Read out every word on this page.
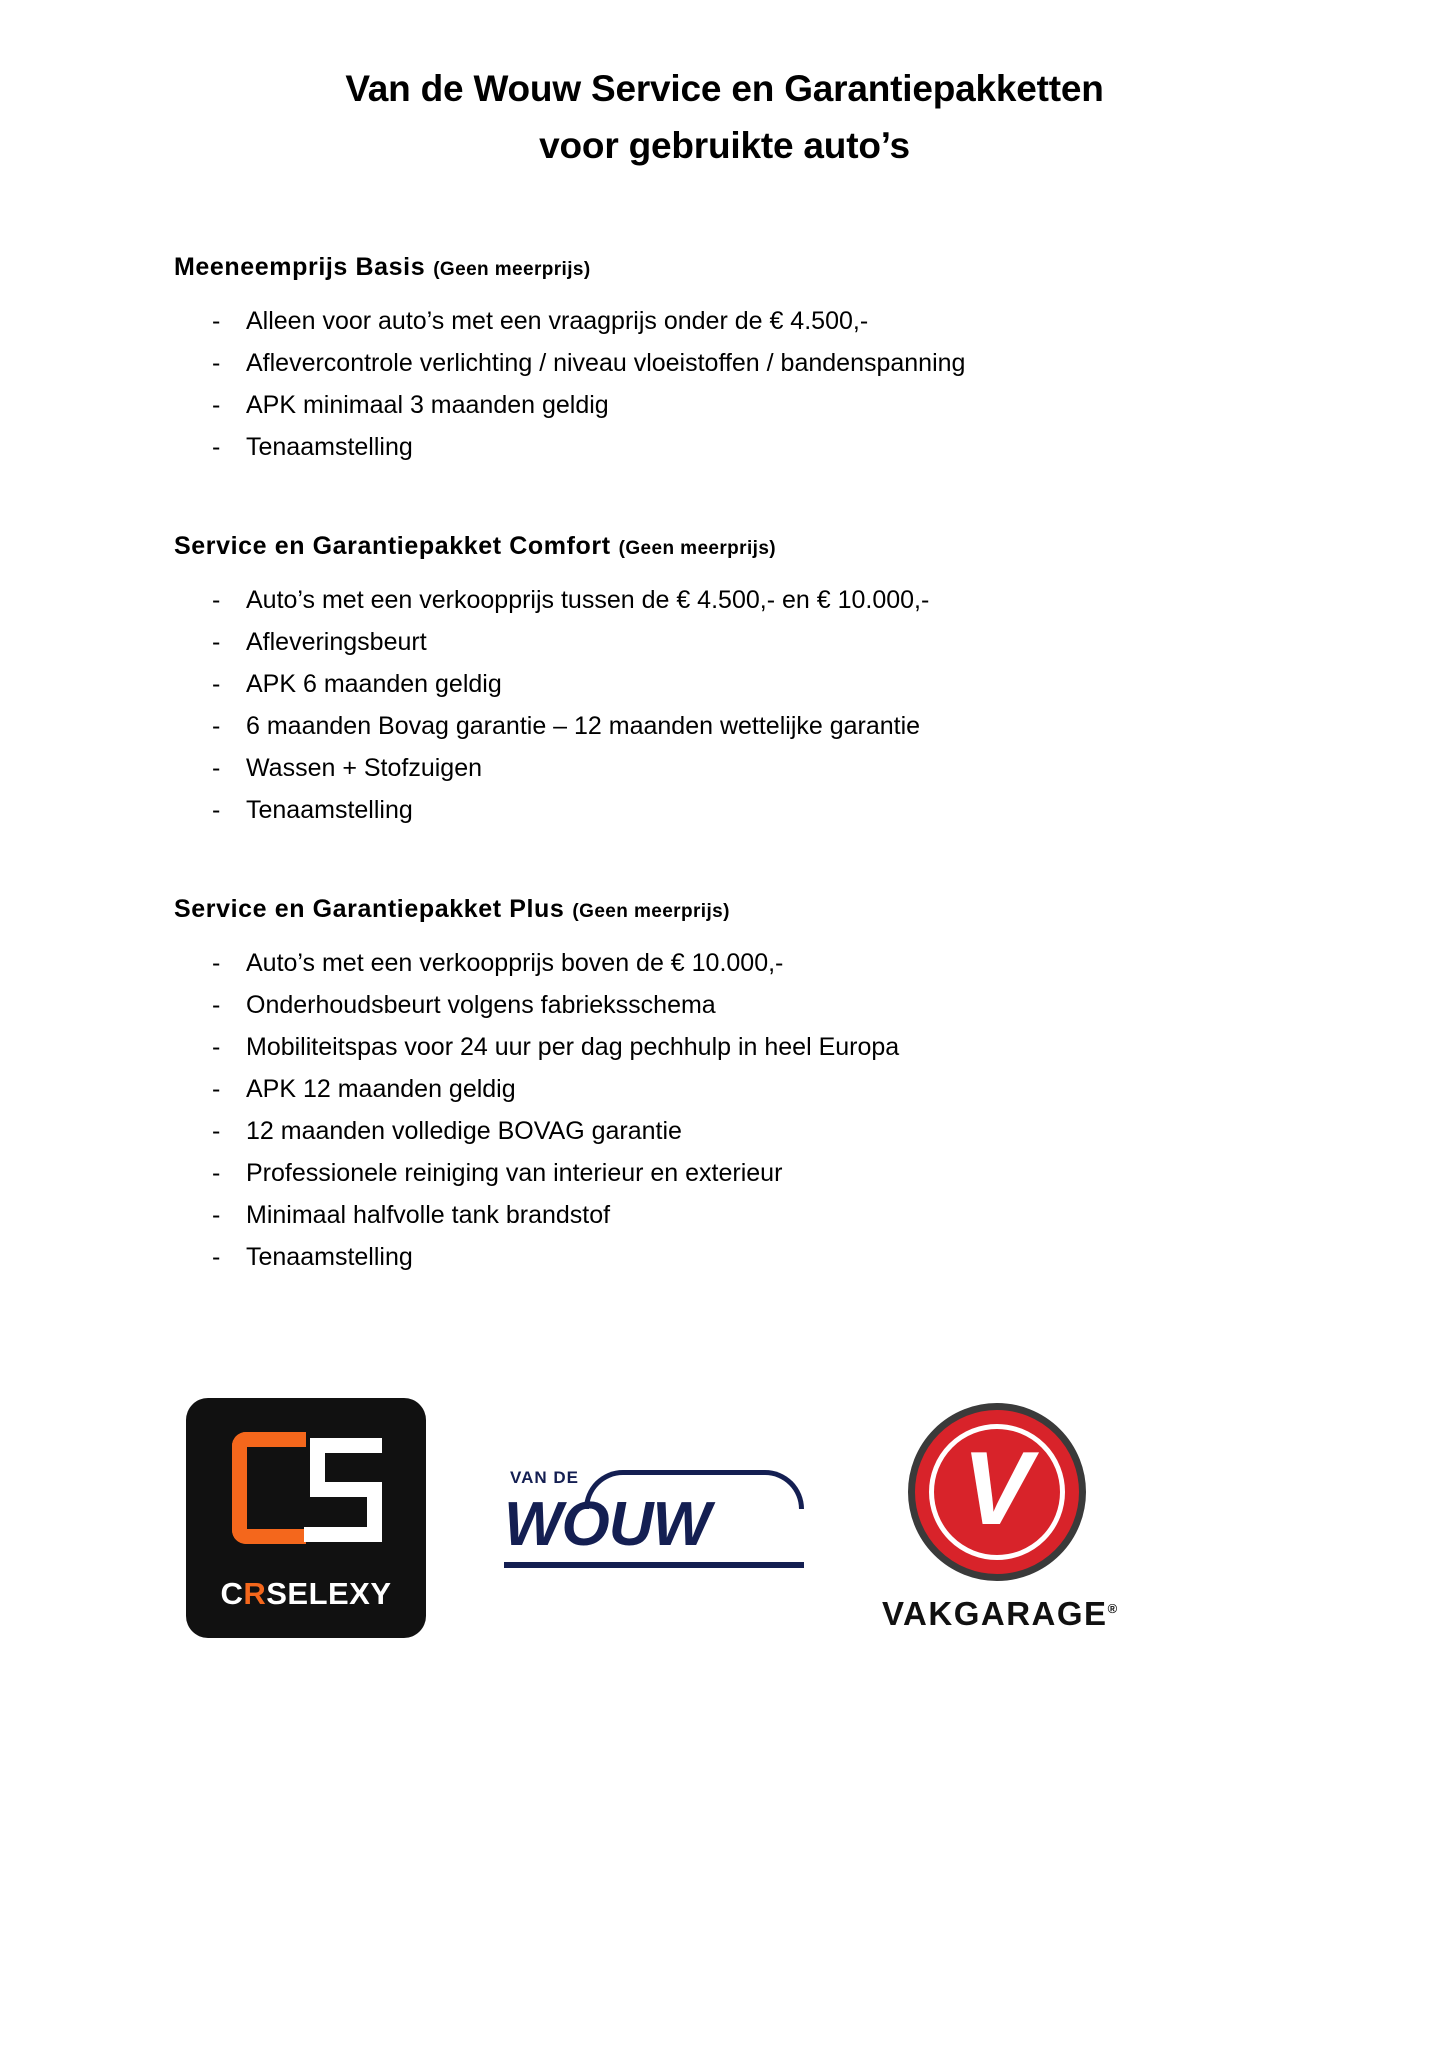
Van de Wouw Service en Garantiepakketten
voor gebruikte auto’s
Meeneemprijs Basis (Geen meerprijs)
-	Alleen voor auto’s met een vraagprijs onder de € 4.500,-
-	Aflevercontrole verlichting / niveau vloeistoffen / bandenspanning
-	APK minimaal 3 maanden geldig
-	Tenaamstelling
Service en Garantiepakket Comfort (Geen meerprijs)
-	Auto’s met een verkoopprijs tussen de € 4.500,- en € 10.000,-
-	Afleveringsbeurt
-	APK 6 maanden geldig
-	6 maanden Bovag garantie – 12 maanden wettelijke garantie
-	Wassen + Stofzuigen
-	Tenaamstelling
Service en Garantiepakket Plus (Geen meerprijs)
-	Auto’s met een verkoopprijs boven de € 10.000,-
-	Onderhoudsbeurt volgens fabrieksschema
-	Mobiliteitspas voor 24 uur per dag pechhulp in heel Europa
-	APK 12 maanden geldig
-	12 maanden volledige BOVAG garantie
-	Professionele reiniging van interieur en exterieur
-	Minimaal halfvolle tank brandstof
-	Tenaamstelling
CRSELEXY
VAN DE
WOUW	V
VAKGARAGE®
